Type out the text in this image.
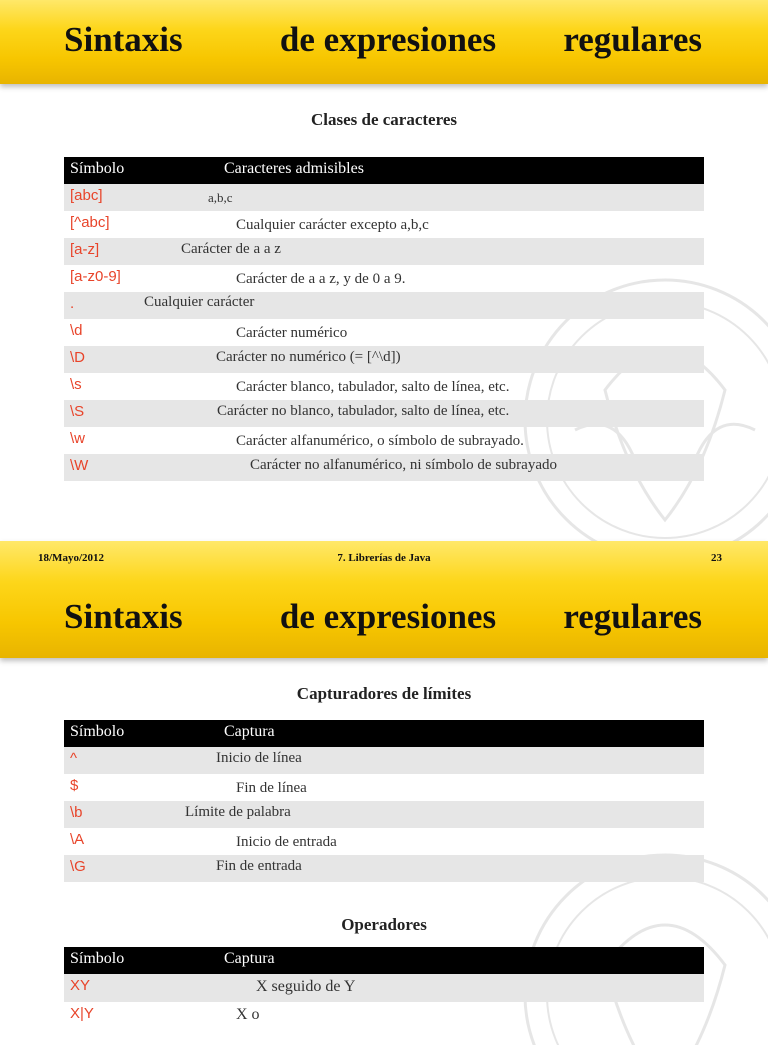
Sintaxis	de expresiones regulares
Clases de caracteres
Símbolo	Caracteres admisibles
[abc]	a,b,c
[^abc]	Cualquier carácter excepto a,b,c
[a-z]	Carácter de a a z
[a-z0-9]	Carácter de a a z, y de 0 a 9.
.	Cualquier carácter
\d	Carácter numérico
\D	Carácter no numérico (= [^\d])
\s	Carácter blanco, tabulador, salto de línea, etc.
\S	Carácter no blanco, tabulador, salto de línea, etc.
\w	Carácter alfanumérico, o símbolo de subrayado.
\W	Carácter no alfanumérico, ni símbolo de subrayado
Sintaxis	de expresiones regulares
18/Mayo/2012	7. Librerías de Java	23
Capturadores de límites
Símbolo	Captura
^	Inicio de línea
$	Fin de línea
\b	Límite de palabra
\A	Inicio de entrada
\G	Fin de entrada
Operadores
Símbolo	Captura
XY	X seguido de Y
X|Y	X o
